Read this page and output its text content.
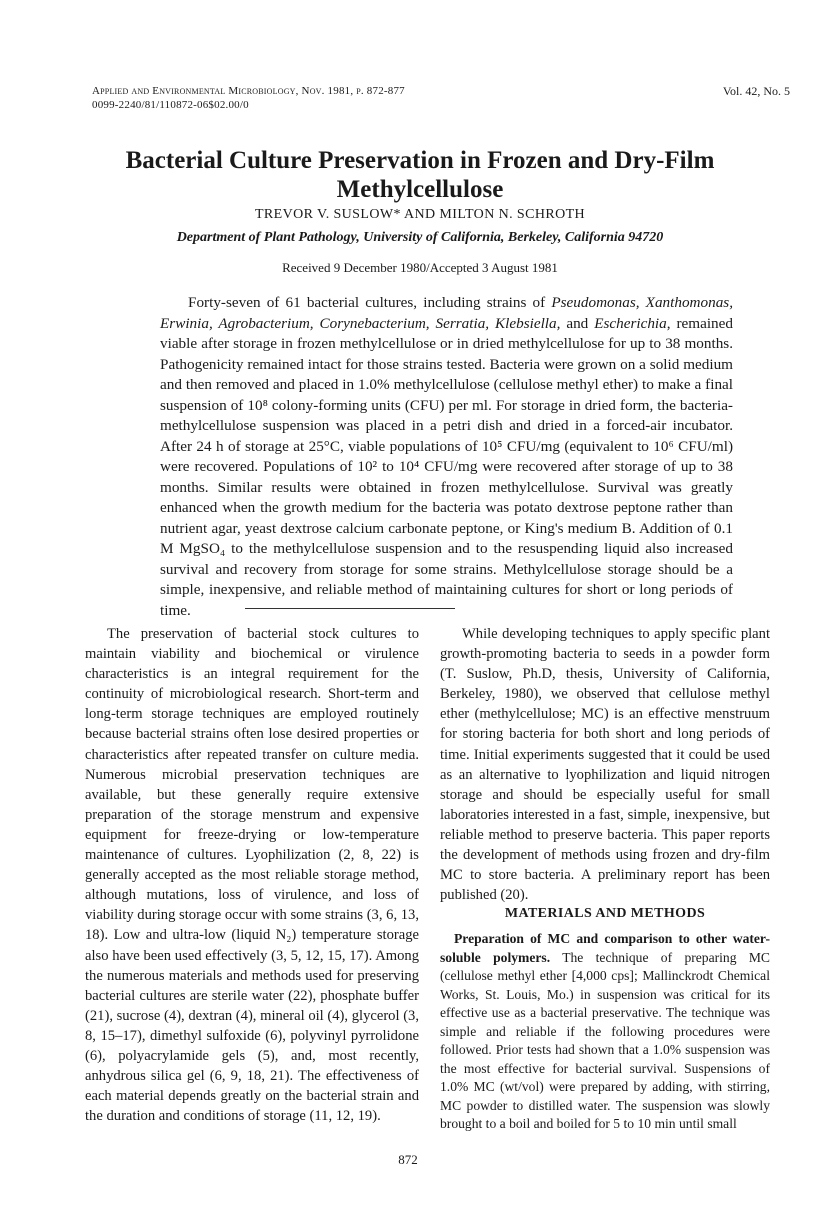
Applied and Environmental Microbiology, Nov. 1981, p. 872-877
0099-2240/81/110872-06$02.00/0
Vol. 42, No. 5
Bacterial Culture Preservation in Frozen and Dry-Film Methylcellulose
TREVOR V. SUSLOW* AND MILTON N. SCHROTH
Department of Plant Pathology, University of California, Berkeley, California 94720
Received 9 December 1980/Accepted 3 August 1981
Forty-seven of 61 bacterial cultures, including strains of Pseudomonas, Xanthomonas, Erwinia, Agrobacterium, Corynebacterium, Serratia, Klebsiella, and Escherichia, remained viable after storage in frozen methylcellulose or in dried methylcellulose for up to 38 months. Pathogenicity remained intact for those strains tested. Bacteria were grown on a solid medium and then removed and placed in 1.0% methylcellulose (cellulose methyl ether) to make a final suspension of 10⁸ colony-forming units (CFU) per ml. For storage in dried form, the bacteria-methylcellulose suspension was placed in a petri dish and dried in a forced-air incubator. After 24 h of storage at 25°C, viable populations of 10⁵ CFU/mg (equivalent to 10⁶ CFU/ml) were recovered. Populations of 10² to 10⁴ CFU/mg were recovered after storage of up to 38 months. Similar results were obtained in frozen methylcellulose. Survival was greatly enhanced when the growth medium for the bacteria was potato dextrose peptone rather than nutrient agar, yeast dextrose calcium carbonate peptone, or King's medium B. Addition of 0.1 M MgSO₄ to the methylcellulose suspension and to the resuspending liquid also increased survival and recovery from storage for some strains. Methylcellulose storage should be a simple, inexpensive, and reliable method of maintaining cultures for short or long periods of time.
The preservation of bacterial stock cultures to maintain viability and biochemical or virulence characteristics is an integral requirement for the continuity of microbiological research. Short-term and long-term storage techniques are employed routinely because bacterial strains often lose desired properties or characteristics after repeated transfer on culture media. Numerous microbial preservation techniques are available, but these generally require extensive preparation of the storage menstrum and expensive equipment for freeze-drying or low-temperature maintenance of cultures. Lyophilization (2, 8, 22) is generally accepted as the most reliable storage method, although mutations, loss of virulence, and loss of viability during storage occur with some strains (3, 6, 13, 18). Low and ultra-low (liquid N₂) temperature storage also have been used effectively (3, 5, 12, 15, 17). Among the numerous materials and methods used for preserving bacterial cultures are sterile water (22), phosphate buffer (21), sucrose (4), dextran (4), mineral oil (4), glycerol (3, 8, 15–17), dimethyl sulfoxide (6), polyvinyl pyrrolidone (6), polyacrylamide gels (5), and, most recently, anhydrous silica gel (6, 9, 18, 21). The effectiveness of each material depends greatly on the bacterial strain and the duration and conditions of storage (11, 12, 19).
While developing techniques to apply specific plant growth-promoting bacteria to seeds in a powder form (T. Suslow, Ph.D, thesis, University of California, Berkeley, 1980), we observed that cellulose methyl ether (methylcellulose; MC) is an effective menstruum for storing bacteria for both short and long periods of time. Initial experiments suggested that it could be used as an alternative to lyophilization and liquid nitrogen storage and should be especially useful for small laboratories interested in a fast, simple, inexpensive, but reliable method to preserve bacteria. This paper reports the development of methods using frozen and dry-film MC to store bacteria. A preliminary report has been published (20).
MATERIALS AND METHODS
Preparation of MC and comparison to other water-soluble polymers. The technique of preparing MC (cellulose methyl ether [4,000 cps]; Mallinckrodt Chemical Works, St. Louis, Mo.) in suspension was critical for its effective use as a bacterial preservative. The technique was simple and reliable if the following procedures were followed. Prior tests had shown that a 1.0% suspension was the most effective for bacterial survival. Suspensions of 1.0% MC (wt/vol) were prepared by adding, with stirring, MC powder to distilled water. The suspension was slowly brought to a boil and boiled for 5 to 10 min until small
872
